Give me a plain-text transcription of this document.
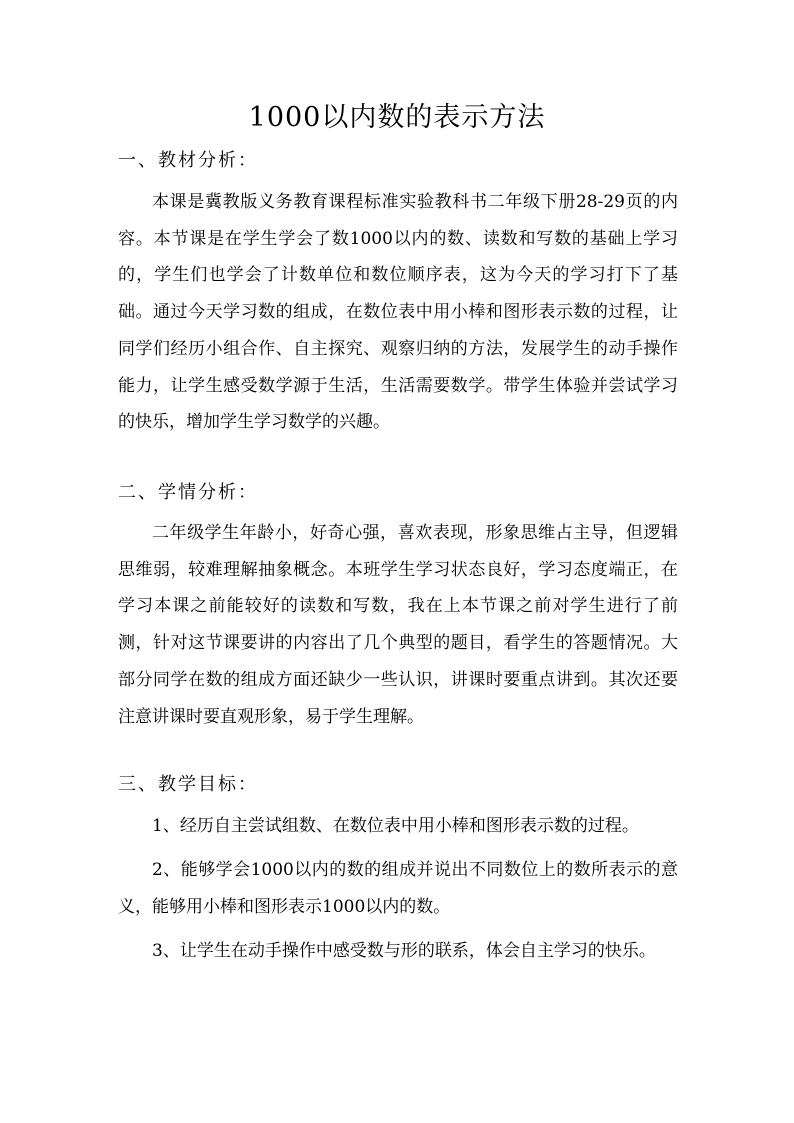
1000以内数的表示方法
一、教材分析：

本课是冀教版义务教育课程标准实验教科书二年级下册28-29页的内容。本节课是在学生学会了数1000以内的数、读数和写数的基础上学习的，学生们也学会了计数单位和数位顺序表，这为今天的学习打下了基础。通过今天学习数的组成，在数位表中用小棒和图形表示数的过程，让同学们经历小组合作、自主探究、观察归纳的方法，发展学生的动手操作能力，让学生感受数学源于生活，生活需要数学。带学生体验并尝试学习的快乐，增加学生学习数学的兴趣。

二、学情分析：

二年级学生年龄小，好奇心强，喜欢表现，形象思维占主导，但逻辑思维弱，较难理解抽象概念。本班学生学习状态良好，学习态度端正，在学习本课之前能较好的读数和写数，我在上本节课之前对学生进行了前测，针对这节课要讲的内容出了几个典型的题目，看学生的答题情况。大部分同学在数的组成方面还缺少一些认识，讲课时要重点讲到。其次还要注意讲课时要直观形象，易于学生理解。

三、教学目标：

1、经历自主尝试组数、在数位表中用小棒和图形表示数的过程。

2、能够学会1000以内的数的组成并说出不同数位上的数所表示的意义，能够用小棒和图形表示1000以内的数。

3、让学生在动手操作中感受数与形的联系，体会自主学习的快乐。
